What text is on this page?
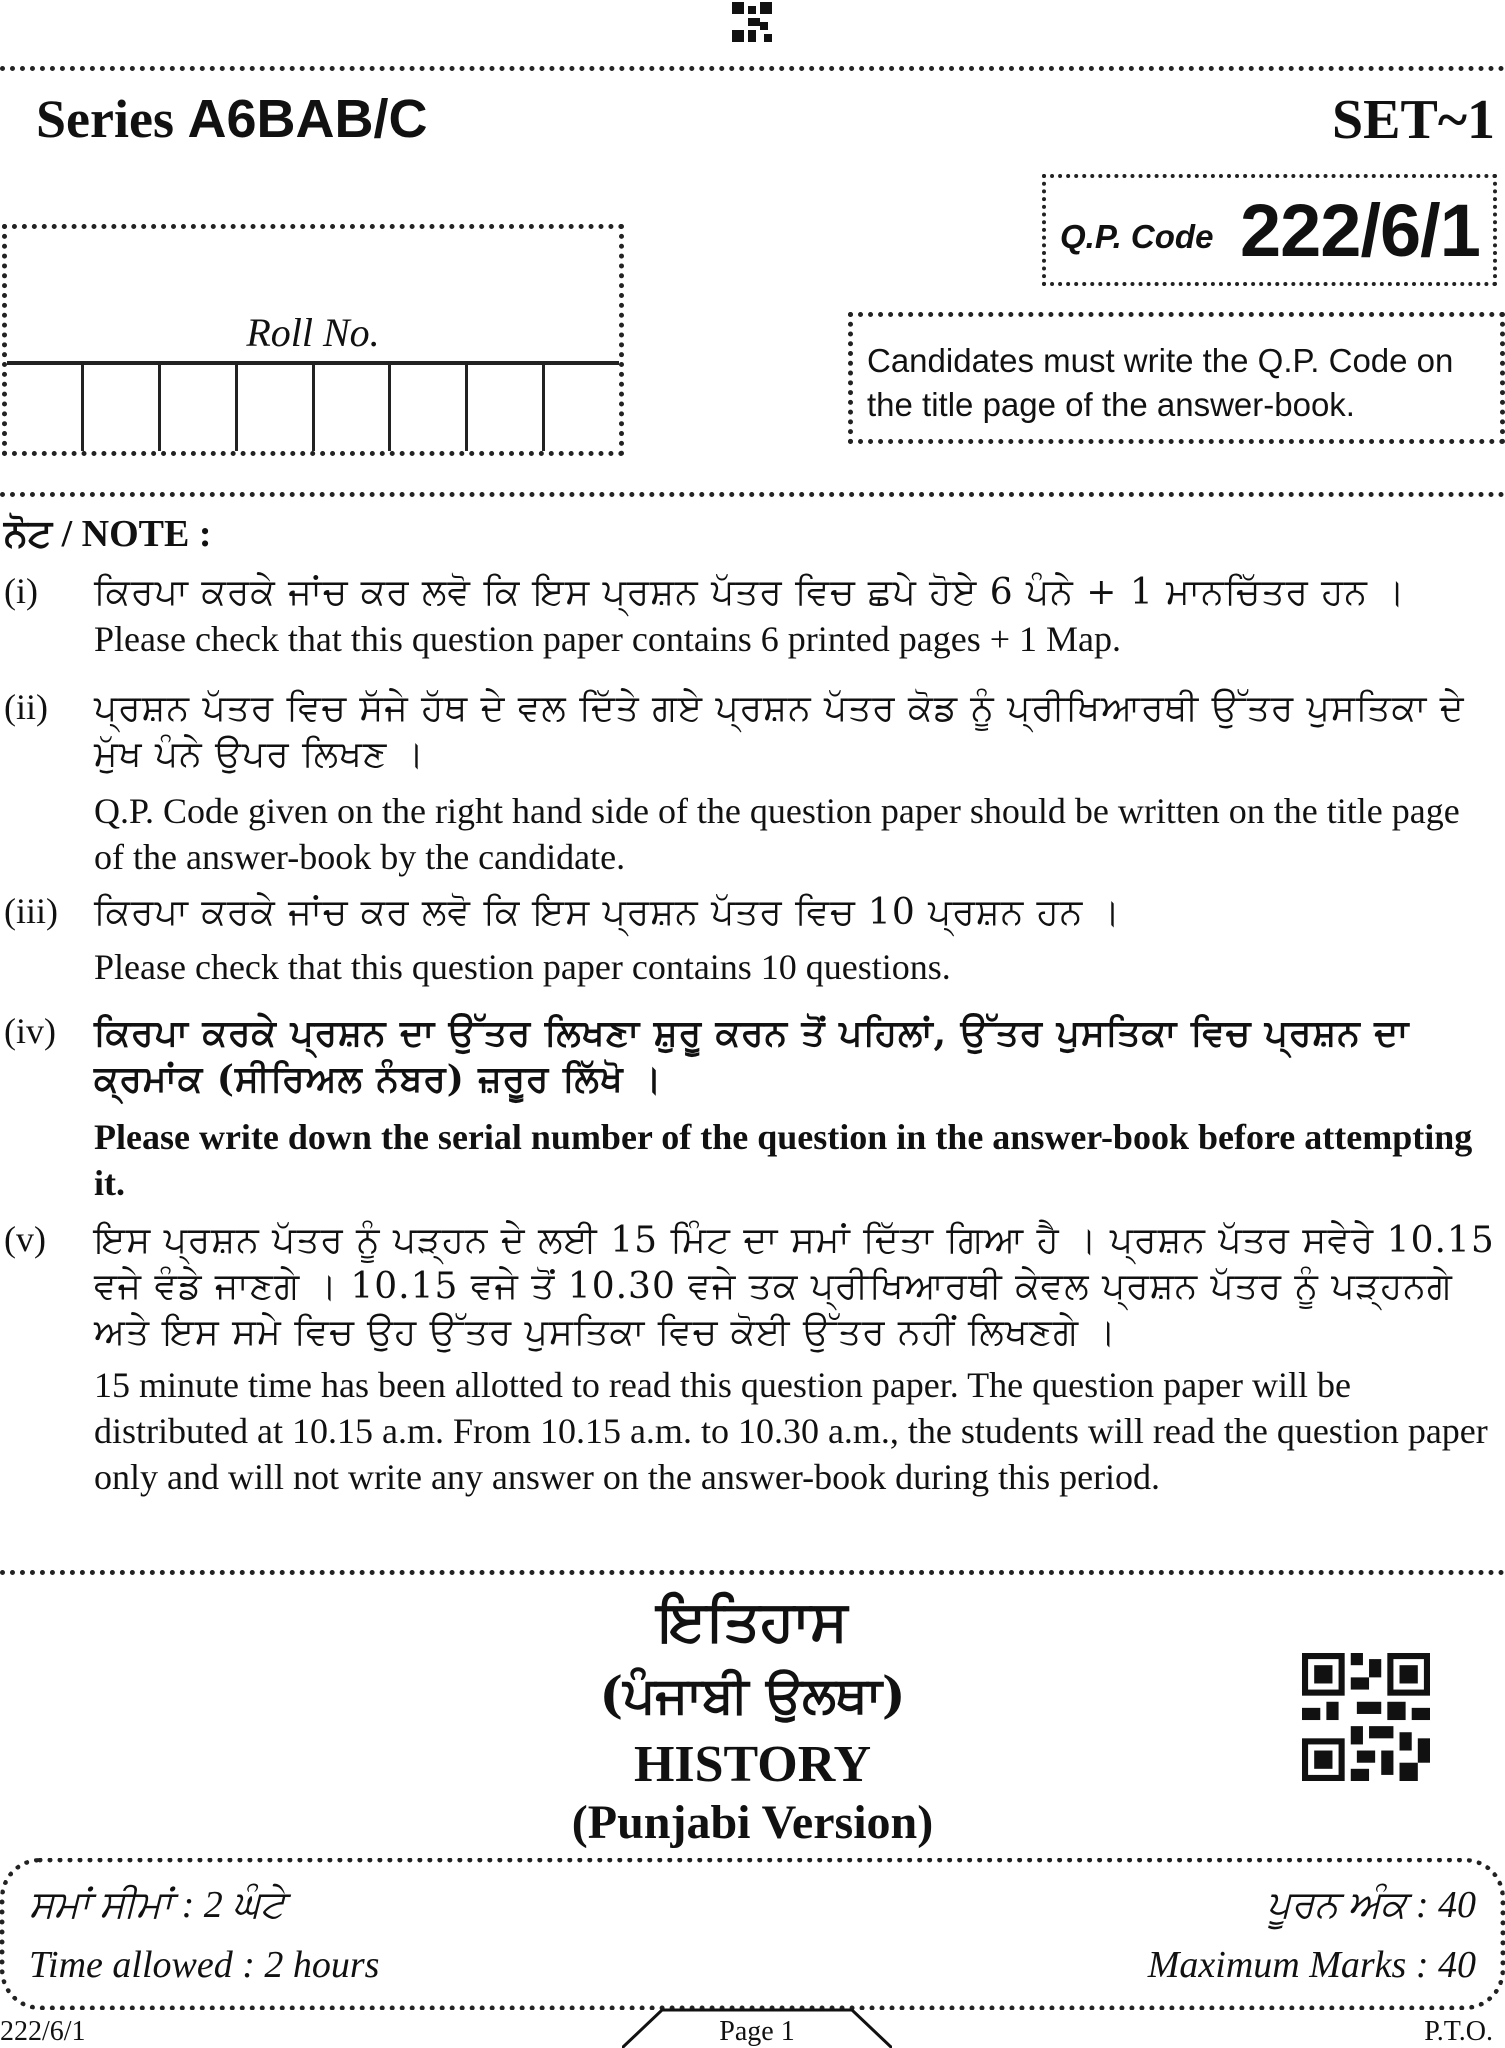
Series A6BAB/C	SET~1
Q.P. Code 222/6/1
Roll No.
Candidates must write the Q.P. Code on the title page of the answer-book.
ਨੋਟ / NOTE :
(i) ਕਿਰਪਾ ਕਰਕੇ ਜਾਂਚ ਕਰ ਲਵੋ ਕਿ ਇਸ ਪ੍ਰਸ਼ਨ ਪੱਤਰ ਵਿਚ ਛਪੇ ਹੋਏ 6 ਪੰਨੇ + 1 ਮਾਨਚਿੱਤਰ ਹਨ ।
Please check that this question paper contains 6 printed pages + 1 Map.
(ii) ਪ੍ਰਸ਼ਨ ਪੱਤਰ ਵਿਚ ਸੱਜੇ ਹੱਥ ਦੇ ਵਲ ਦਿੱਤੇ ਗਏ ਪ੍ਰਸ਼ਨ ਪੱਤਰ ਕੋਡ ਨੂੰ ਪ੍ਰੀਖਿਆਰਥੀ ਉੱਤਰ ਪੁਸਤਿਕਾ ਦੇ ਮੁੱਖ ਪੰਨੇ ਉਪਰ ਲਿਖਣ ।
Q.P. Code given on the right hand side of the question paper should be written on the title page of the answer-book by the candidate.
(iii) ਕਿਰਪਾ ਕਰਕੇ ਜਾਂਚ ਕਰ ਲਵੋ ਕਿ ਇਸ ਪ੍ਰਸ਼ਨ ਪੱਤਰ ਵਿਚ 10 ਪ੍ਰਸ਼ਨ ਹਨ ।
Please check that this question paper contains 10 questions.
(iv) ਕਿਰਪਾ ਕਰਕੇ ਪ੍ਰਸ਼ਨ ਦਾ ਉੱਤਰ ਲਿਖਣਾ ਸ਼ੁਰੂ ਕਰਨ ਤੋਂ ਪਹਿਲਾਂ, ਉੱਤਰ ਪੁਸਤਿਕਾ ਵਿਚ ਪ੍ਰਸ਼ਨ ਦਾ ਕ੍ਰਮਾਂਕ (ਸੀਰਿਅਲ ਨੰਬਰ) ਜ਼ਰੂਰ ਲਿੱਖੋ ।
Please write down the serial number of the question in the answer-book before attempting it.
(v) ਇਸ ਪ੍ਰਸ਼ਨ ਪੱਤਰ ਨੂੰ ਪੜ੍ਹਨ ਦੇ ਲਈ 15 ਮਿੰਟ ਦਾ ਸਮਾਂ ਦਿੱਤਾ ਗਿਆ ਹੈ । ਪ੍ਰਸ਼ਨ ਪੱਤਰ ਸਵੇਰੇ 10.15 ਵਜੇ ਵੰਡੇ ਜਾਣਗੇ । 10.15 ਵਜੇ ਤੋਂ 10.30 ਵਜੇ ਤਕ ਪ੍ਰੀਖਿਆਰਥੀ ਕੇਵਲ ਪ੍ਰਸ਼ਨ ਪੱਤਰ ਨੂੰ ਪੜ੍ਹਨਗੇ ਅਤੇ ਇਸ ਸਮੇ ਵਿਚ ਉਹ ਉੱਤਰ ਪੁਸਤਿਕਾ ਵਿਚ ਕੋਈ ਉੱਤਰ ਨਹੀਂ ਲਿਖਣਗੇ ।
15 minute time has been allotted to read this question paper. The question paper will be distributed at 10.15 a.m. From 10.15 a.m. to 10.30 a.m., the students will read the question paper only and will not write any answer on the answer-book during this period.
ਇਤਿਹਾਸ
(ਪੰਜਾਬੀ ਉਲਥਾ)
HISTORY
(Punjabi Version)
ਸਮਾਂ ਸੀਮਾਂ : 2 ਘੰਟੇ	ਪੂਰਨ ਅੰਕ : 40
Time allowed : 2 hours	Maximum Marks : 40
222/6/1	Page 1	P.T.O.
